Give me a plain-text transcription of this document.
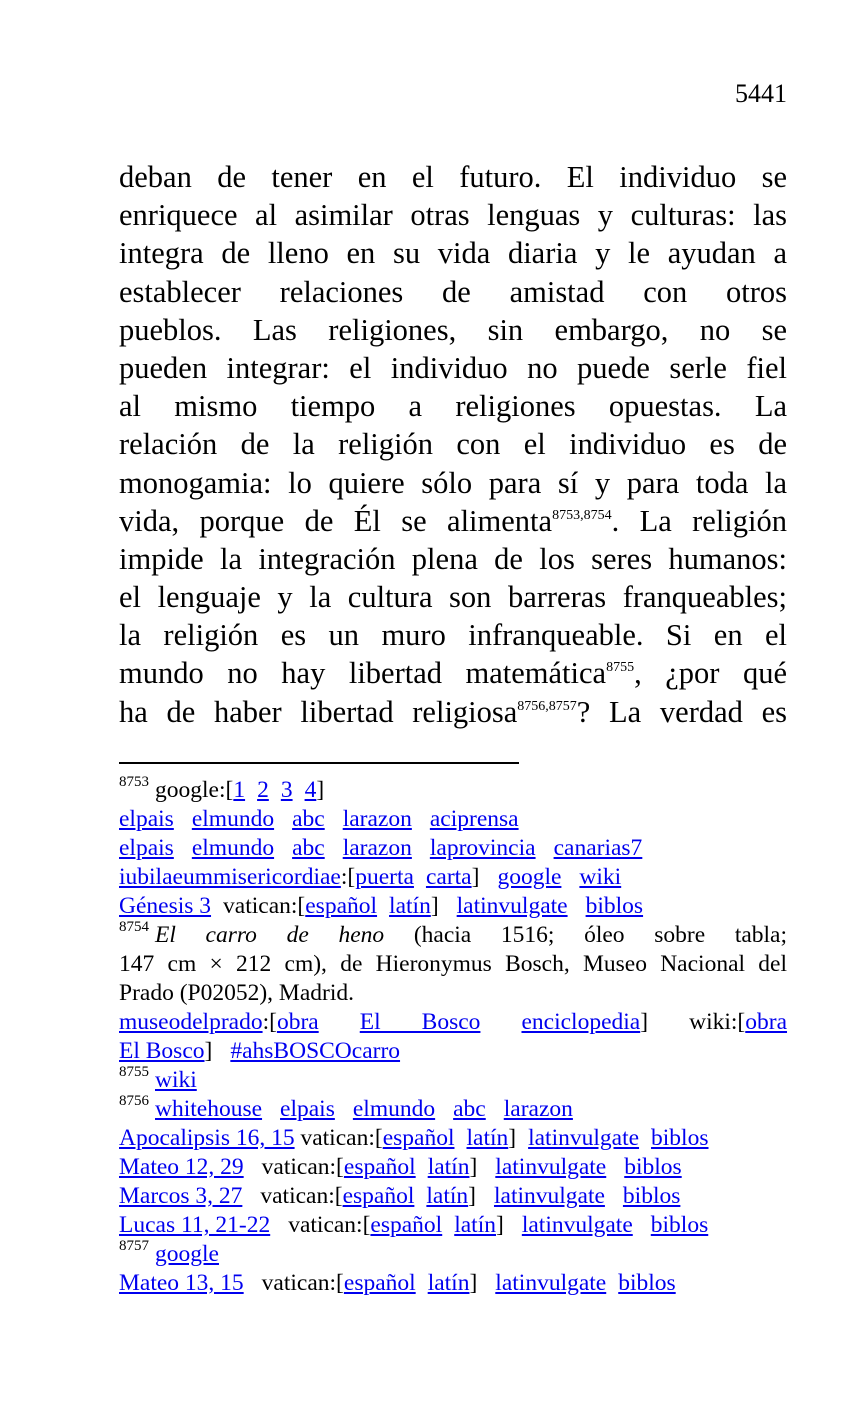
5441
deban de tener en el futuro. El individuo se
enriquece al asimilar otras lenguas y culturas: las
integra de lleno en su vida diaria y le ayudan a
establecer relaciones de amistad con otros
pueblos. Las religiones, sin embargo, no se
pueden integrar: el individuo no puede serle fiel
al mismo tiempo a religiones opuestas. La
relación de la religión con el individuo es de
monogamia: lo quiere sólo para sí y para toda la
vida, porque de Él se alimenta$^{8753,8754}$. La religión
impide la integración plena de los seres humanos:
el lenguaje y la cultura son barreras franqueables;
la religión es un muro infranqueable. Si en el
mundo no hay libertad matemática$^{8755}$, ¿por qué
ha de haber libertad religiosa$^{8756,8757}$? La verdad es
$^{8753}$ google:[1 2 3 4]
elpais elmundo abc larazon aciprensa
elpais elmundo abc larazon laprovincia canarias7
iubilaeummisericordiae:[puerta carta] google wiki
Génesis 3 vatican:[español latín] latinvulgate biblos
$^{8754}$ El carro de heno (hacia 1516; óleo sobre tabla;
147 cm × 212 cm), de Hieronymus Bosch, Museo Nacional del
Prado (P02052), Madrid.
museodelprado:[obra El Bosco enciclopedia] wiki:[obra
El Bosco] #ahsBOSCOcarro
$^{8755}$ wiki
$^{8756}$ whitehouse elpais elmundo abc larazon
Apocalipsis 16, 15 vatican:[español latín] latinvulgate biblos
Mateo 12, 29 vatican:[español latín] latinvulgate biblos
Marcos 3, 27 vatican:[español latín] latinvulgate biblos
Lucas 11, 21-22 vatican:[español latín] latinvulgate biblos
$^{8757}$ google
Mateo 13, 15 vatican:[español latín] latinvulgate biblos
